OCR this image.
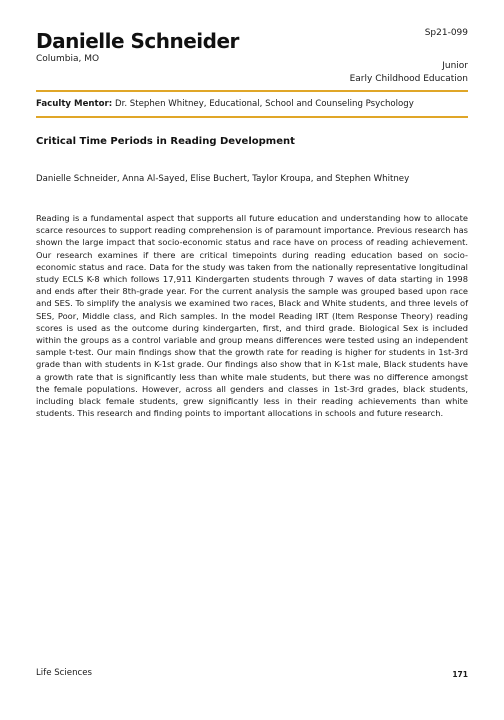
Danielle Schneider
Columbia, MO
Sp21-099
Junior
Early Childhood Education
Faculty Mentor: Dr. Stephen Whitney, Educational, School and Counseling Psychology
Critical Time Periods in Reading Development
Danielle Schneider, Anna Al-Sayed, Elise Buchert, Taylor Kroupa, and Stephen Whitney

Reading is a fundamental aspect that supports all future education and understanding how to allocate scarce resources to support reading comprehension is of paramount importance. Previous research has shown the large impact that socio-economic status and race have on process of reading achievement. Our research examines if there are critical timepoints during reading education based on socio-economic status and race. Data for the study was taken from the nationally representative longitudinal study ECLS K-8 which follows 17,911 Kindergarten students through 7 waves of data starting in 1998 and ends after their 8th-grade year. For the current analysis the sample was grouped based upon race and SES. To simplify the analysis we examined two races, Black and White students, and three levels of SES, Poor, Middle class, and Rich samples. In the model Reading IRT (Item Response Theory) reading scores is used as the outcome during kindergarten, first, and third grade. Biological Sex is included within the groups as a control variable and group means differences were tested using an independent sample t-test. Our main findings show that the growth rate for reading is higher for students in 1st-3rd grade than with students in K-1st grade. Our findings also show that in K-1st male, Black students have a growth rate that is significantly less than white male students, but there was no difference amongst the female populations. However, across all genders and classes in 1st-3rd grades, black students, including black female students, grew significantly less in their reading achievements than white students. This research and finding points to important allocations in schools and future research.

Life Sciences	171
